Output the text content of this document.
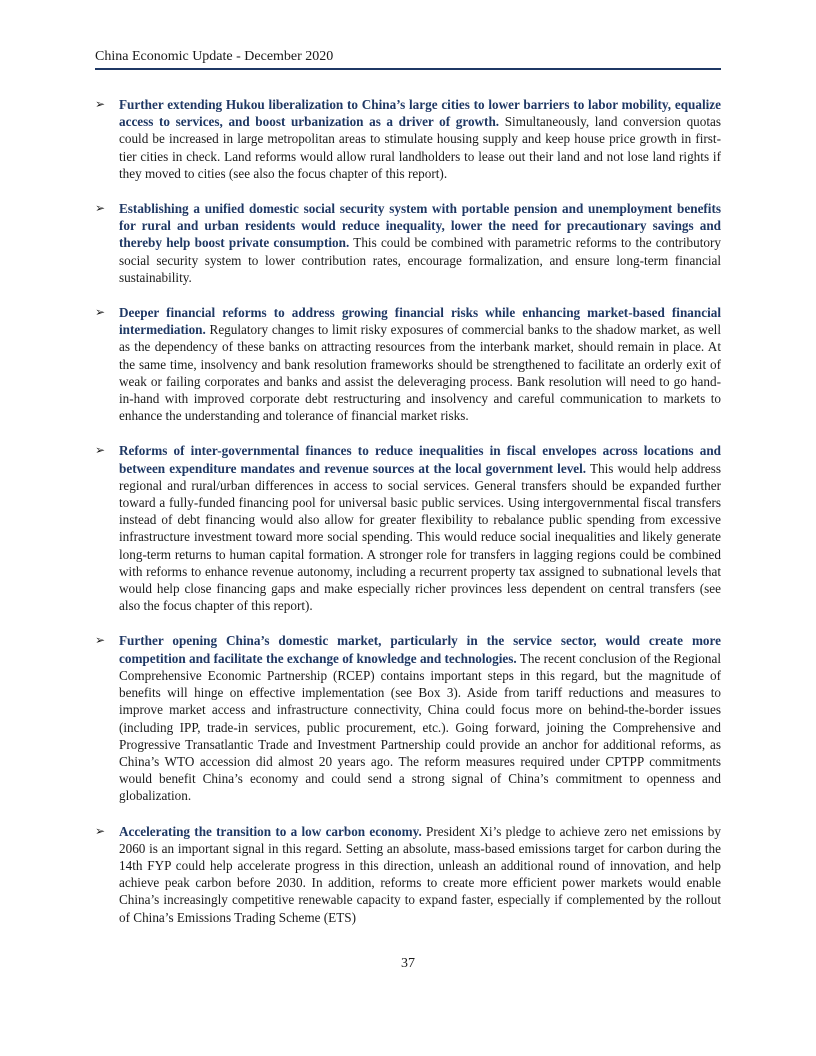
China Economic Update - December 2020
➢	Further extending Hukou liberalization to China’s large cities to lower barriers to labor mobility, equalize access to services, and boost urbanization as a driver of growth. Simultaneously, land conversion quotas could be increased in large metropolitan areas to stimulate housing supply and keep house price growth in first-tier cities in check. Land reforms would allow rural landholders to lease out their land and not lose land rights if they moved to cities (see also the focus chapter of this report).
➢	Establishing a unified domestic social security system with portable pension and unemployment benefits for rural and urban residents would reduce inequality, lower the need for precautionary savings and thereby help boost private consumption. This could be combined with parametric reforms to the contributory social security system to lower contribution rates, encourage formalization, and ensure long-term financial sustainability.
➢	Deeper financial reforms to address growing financial risks while enhancing market-based financial intermediation. Regulatory changes to limit risky exposures of commercial banks to the shadow market, as well as the dependency of these banks on attracting resources from the interbank market, should remain in place. At the same time, insolvency and bank resolution frameworks should be strengthened to facilitate an orderly exit of weak or failing corporates and banks and assist the deleveraging process. Bank resolution will need to go hand-in-hand with improved corporate debt restructuring and insolvency and careful communication to markets to enhance the understanding and tolerance of financial market risks.
➢	Reforms of inter-governmental finances to reduce inequalities in fiscal envelopes across locations and between expenditure mandates and revenue sources at the local government level. This would help address regional and rural/urban differences in access to social services. General transfers should be expanded further toward a fully-funded financing pool for universal basic public services. Using intergovernmental fiscal transfers instead of debt financing would also allow for greater flexibility to rebalance public spending from excessive infrastructure investment toward more social spending. This would reduce social inequalities and likely generate long-term returns to human capital formation. A stronger role for transfers in lagging regions could be combined with reforms to enhance revenue autonomy, including a recurrent property tax assigned to subnational levels that would help close financing gaps and make especially richer provinces less dependent on central transfers (see also the focus chapter of this report).
➢	Further opening China’s domestic market, particularly in the service sector, would create more competition and facilitate the exchange of knowledge and technologies. The recent conclusion of the Regional Comprehensive Economic Partnership (RCEP) contains important steps in this regard, but the magnitude of benefits will hinge on effective implementation (see Box 3). Aside from tariff reductions and measures to improve market access and infrastructure connectivity, China could focus more on behind-the-border issues (including IPP, trade-in services, public procurement, etc.). Going forward, joining the Comprehensive and Progressive Transatlantic Trade and Investment Partnership could provide an anchor for additional reforms, as China’s WTO accession did almost 20 years ago. The reform measures required under CPTPP commitments would benefit China’s economy and could send a strong signal of China’s commitment to openness and globalization.
➢	Accelerating the transition to a low carbon economy. President Xi’s pledge to achieve zero net emissions by 2060 is an important signal in this regard. Setting an absolute, mass-based emissions target for carbon during the 14th FYP could help accelerate progress in this direction, unleash an additional round of innovation, and help achieve peak carbon before 2030. In addition, reforms to create more efficient power markets would enable China’s increasingly competitive renewable capacity to expand faster, especially if complemented by the rollout of China’s Emissions Trading Scheme (ETS)
37
